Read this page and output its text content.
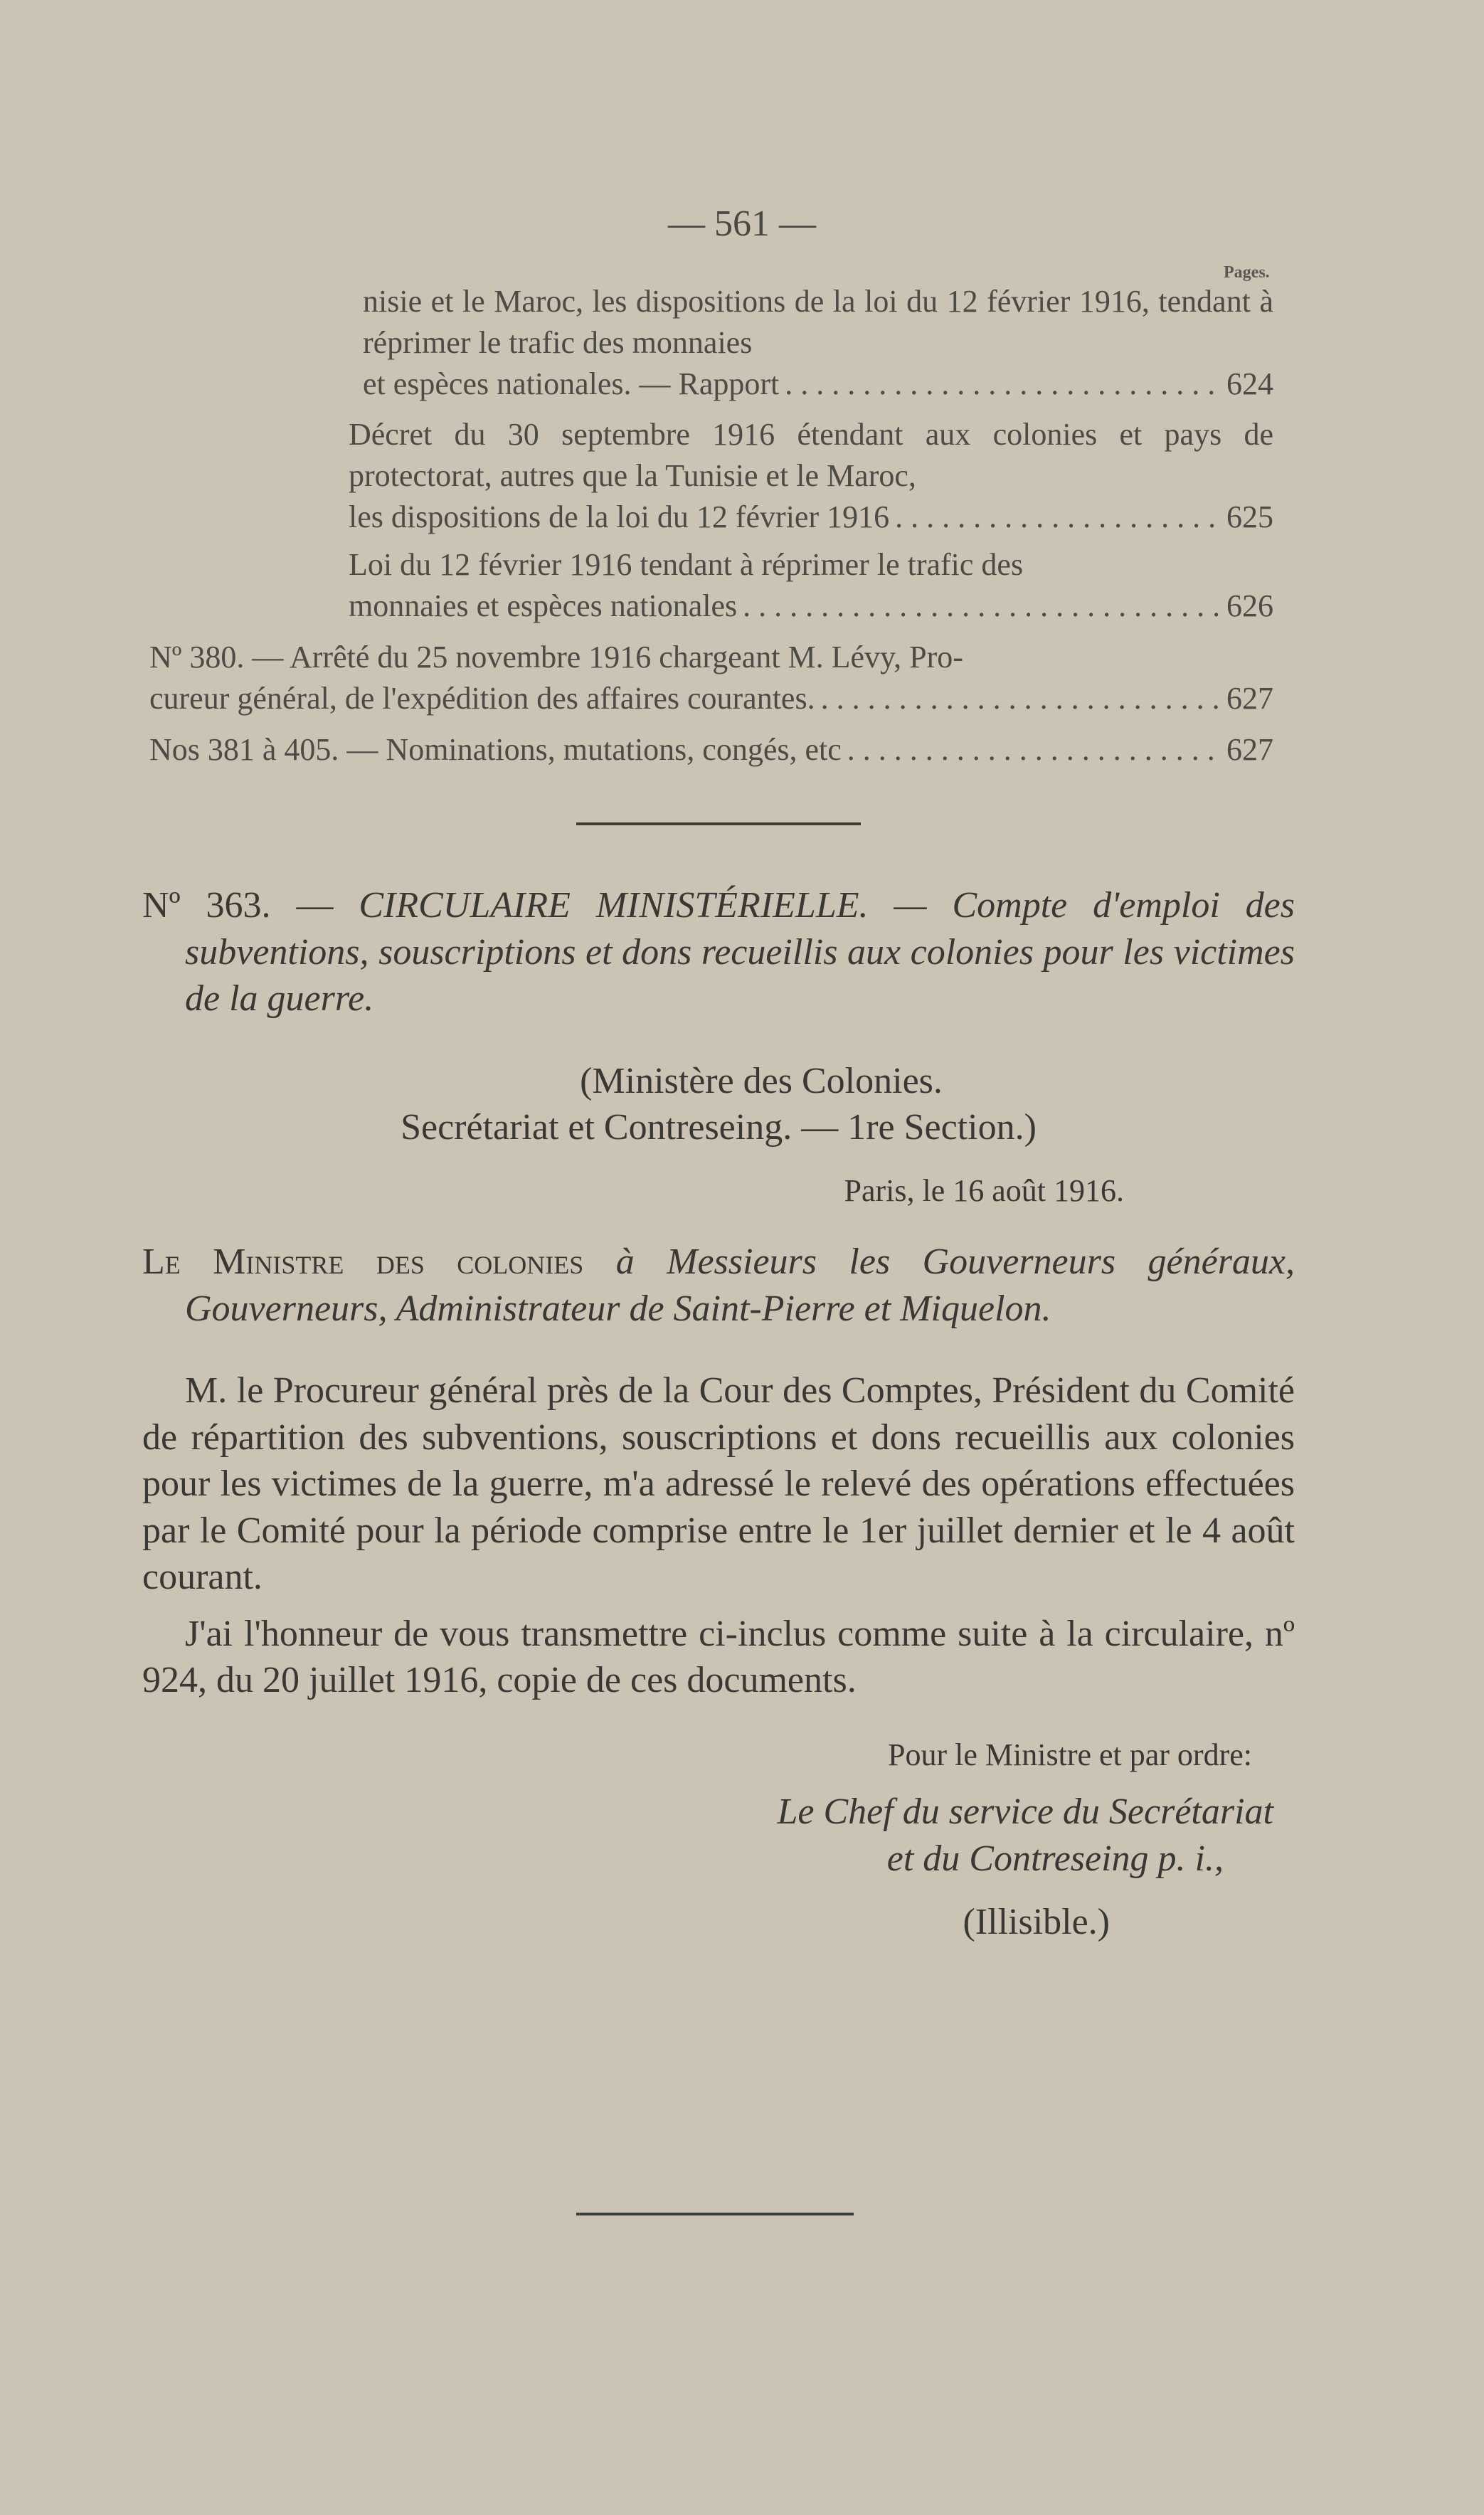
— 561 —
Pages.
nisie et le Maroc, les dispositions de la loi du 12 février 1916, tendant à réprimer le trafic des monnaies
et espèces nationales. — Rapport . . .	624
Décret du 30 septembre 1916 étendant aux colonies et pays de protectorat, autres que la Tunisie et le Maroc,
les dispositions de la loi du 12 février 1916 . . .	625
Loi du 12 février 1916 tendant à réprimer le trafic des
monnaies et espèces nationales . . .	626
Nº 380. — Arrêté du 25 novembre 1916 chargeant M. Lévy, Pro-
cureur général, de l'expédition des affaires courantes. . . .	627
Nos 381 à 405. — Nominations, mutations, congés, etc . . .	627

Nº 363. — CIRCULAIRE MINISTÉRIELLE. — Compte d'emploi des subventions, souscriptions et dons recueillis aux colonies pour les victimes de la guerre.

(Ministère des Colonies.

Secrétariat et Contreseing. — 1re Section.)

Paris, le 16 août 1916.

Le Ministre des colonies à Messieurs les Gouverneurs généraux, Gouverneurs, Administrateur de Saint-Pierre et Miquelon.

M. le Procureur général près de la Cour des Comptes, Président du Comité de répartition des subventions, souscriptions et dons recueillis aux colonies pour les victimes de la guerre, m'a adressé le relevé des opérations effectuées par le Comité pour la période comprise entre le 1er juillet dernier et le 4 août courant.

J'ai l'honneur de vous transmettre ci-inclus comme suite à la circulaire, nº 924, du 20 juillet 1916, copie de ces documents.

Pour le Ministre et par ordre:

Le Chef du service du Secrétariat

et du Contreseing p. i.,

(Illisible.)
